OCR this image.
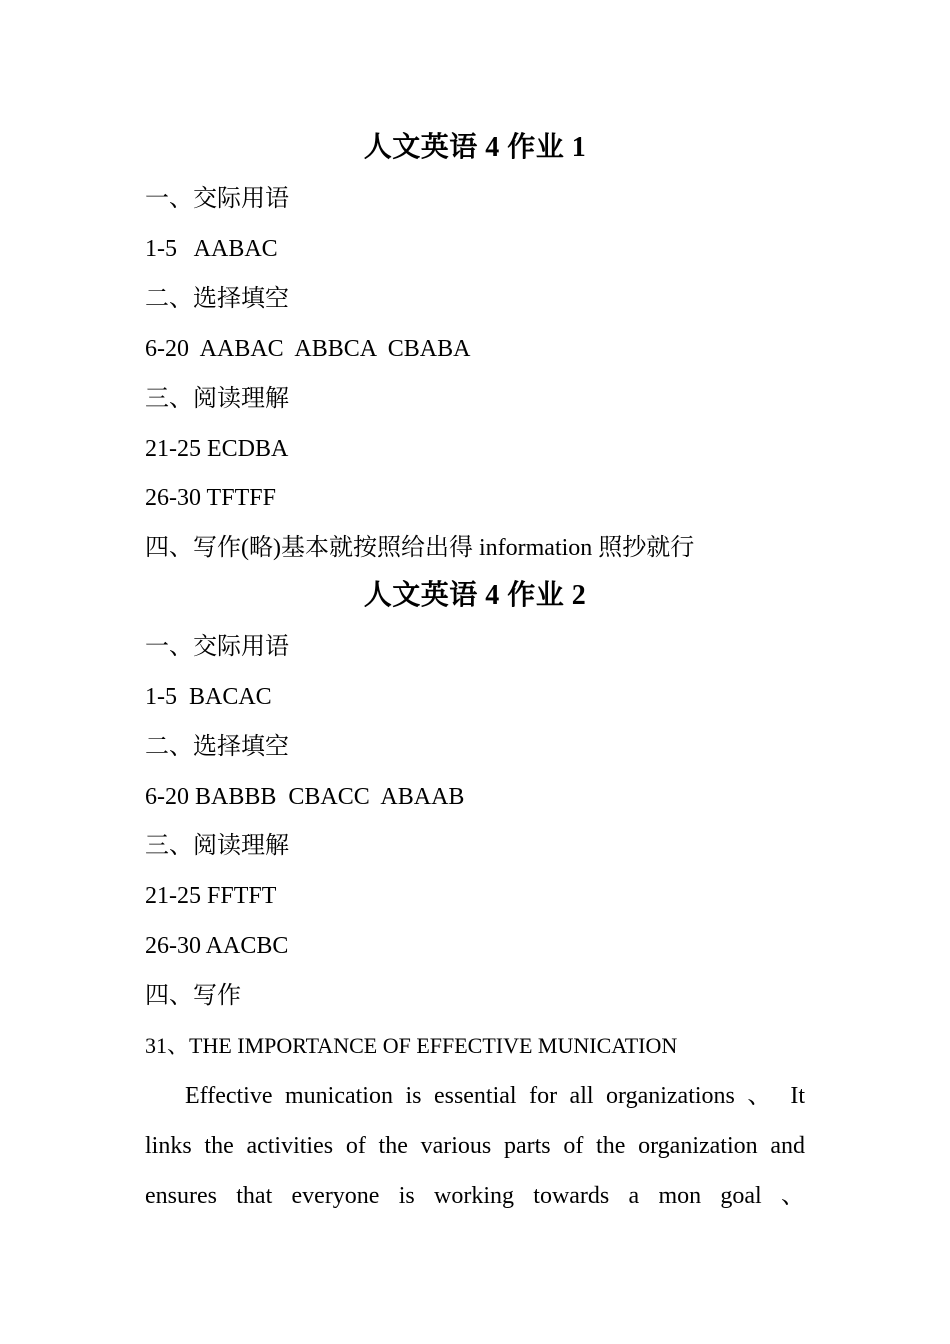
人文英语 4 作业 1
一、交际用语
1-5   AABAC
二、选择填空
6-20  AABAC  ABBCA  CBABA
三、阅读理解
21-25 ECDBA
26-30 TFTFF
四、写作(略)基本就按照给出得 information 照抄就行
人文英语 4 作业 2
一、交际用语
1-5  BACAC
二、选择填空
6-20 BABBB  CBACC  ABAAB
三、阅读理解
21-25 FFTFT
26-30 AACBC
四、写作
31、THE IMPORTANCE OF EFFECTIVE MUNICATION
Effective munication is essential for all organizations 、 It
links the activities of the various parts of the organization and
ensures that everyone is working towards a mon goal 、
